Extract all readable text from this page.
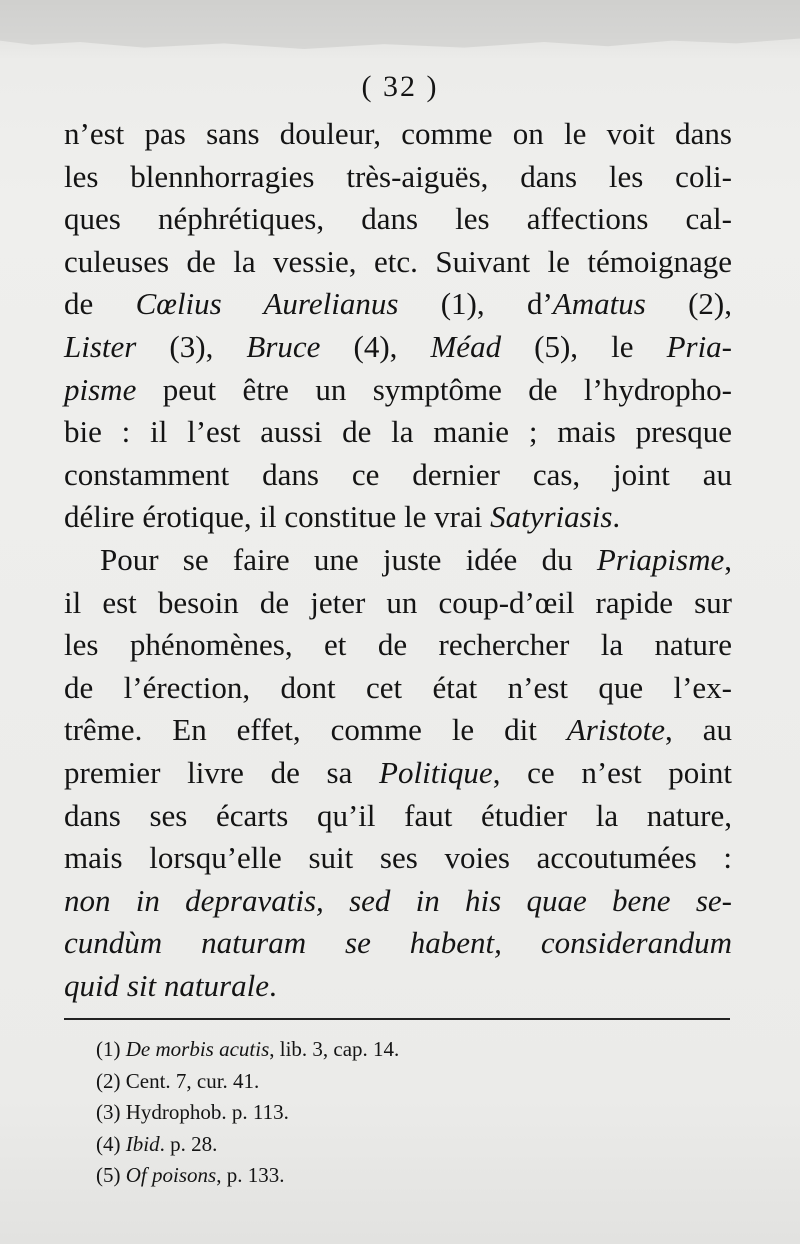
( 32 )
n’est pas sans douleur, comme on le voit dans
les blennhorragies très-aiguës, dans les coli-
ques néphrétiques, dans les affections cal-
culeuses de la vessie, etc. Suivant le témoignage
de Cœlius Aurelianus (1), d’Amatus (2),
Lister (3), Bruce (4), Méad (5), le Pria-
pisme peut être un symptôme de l’hydropho-
bie : il l’est aussi de la manie ; mais presque
constamment dans ce dernier cas, joint au
délire érotique, il constitue le vrai Satyriasis.
Pour se faire une juste idée du Priapisme,
il est besoin de jeter un coup-d’œil rapide sur
les phénomènes, et de rechercher la nature
de l’érection, dont cet état n’est que l’ex-
trême. En effet, comme le dit Aristote, au
premier livre de sa Politique, ce n’est point
dans ses écarts qu’il faut étudier la nature,
mais lorsqu’elle suit ses voies accoutumées :
non in depravatis, sed in his quae bene se-
cundùm naturam se habent, considerandum
quid sit naturale.
(1) De morbis acutis, lib. 3, cap. 14.
(2) Cent. 7, cur. 41.
(3) Hydrophob. p. 113.
(4) Ibid. p. 28.
(5) Of poisons, p. 133.
